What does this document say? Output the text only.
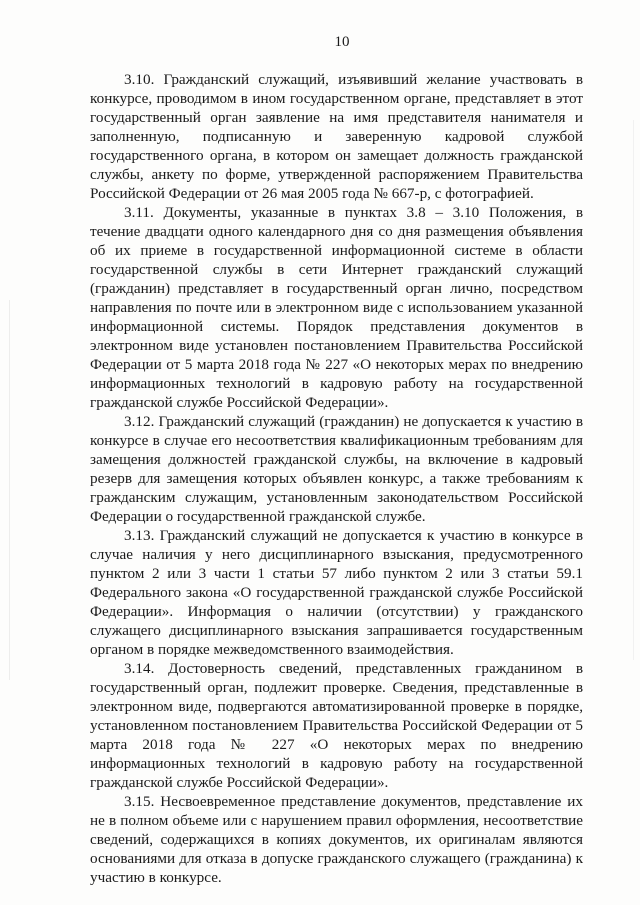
10

3.10. Гражданский служащий, изъявивший желание участвовать в конкурсе, проводимом в ином государственном органе, представляет в этот государственный орган заявление на имя представителя нанимателя и заполненную, подписанную и заверенную кадровой службой государственного органа, в котором он замещает должность гражданской службы, анкету по форме, утвержденной распоряжением Правительства Российской Федерации от 26 мая 2005 года № 667-р, с фотографией.

3.11. Документы, указанные в пунктах 3.8 – 3.10 Положения, в течение двадцати одного календарного дня со дня размещения объявления об их приеме в государственной информационной системе в области государственной службы в сети Интернет гражданский служащий (гражданин) представляет в государственный орган лично, посредством направления по почте или в электронном виде с использованием указанной информационной системы. Порядок представления документов в электронном виде установлен постановлением Правительства Российской Федерации от 5 марта 2018 года № 227 «О некоторых мерах по внедрению информационных технологий в кадровую работу на государственной гражданской службе Российской Федерации».

3.12. Гражданский служащий (гражданин) не допускается к участию в конкурсе в случае его несоответствия квалификационным требованиям для замещения должностей гражданской службы, на включение в кадровый резерв для замещения которых объявлен конкурс, а также требованиям к гражданским служащим, установленным законодательством Российской Федерации о государственной гражданской службе.

3.13. Гражданский служащий не допускается к участию в конкурсе в случае наличия у него дисциплинарного взыскания, предусмотренного пунктом 2 или 3 части 1 статьи 57 либо пунктом 2 или 3 статьи 59.1 Федерального закона «О государственной гражданской службе Российской Федерации». Информация о наличии (отсутствии) у гражданского служащего дисциплинарного взыскания запрашивается государственным органом в порядке межведомственного взаимодействия.

3.14. Достоверность сведений, представленных гражданином в государственный орган, подлежит проверке. Сведения, представленные в электронном виде, подвергаются автоматизированной проверке в порядке, установленном постановлением Правительства Российской Федерации от 5 марта 2018 года № 227 «О некоторых мерах по внедрению информационных технологий в кадровую работу на государственной гражданской службе Российской Федерации».

3.15. Несвоевременное представление документов, представление их не в полном объеме или с нарушением правил оформления, несоответствие сведений, содержащихся в копиях документов, их оригиналам являются основаниями для отказа в допуске гражданского служащего (гражданина) к участию в конкурсе.
